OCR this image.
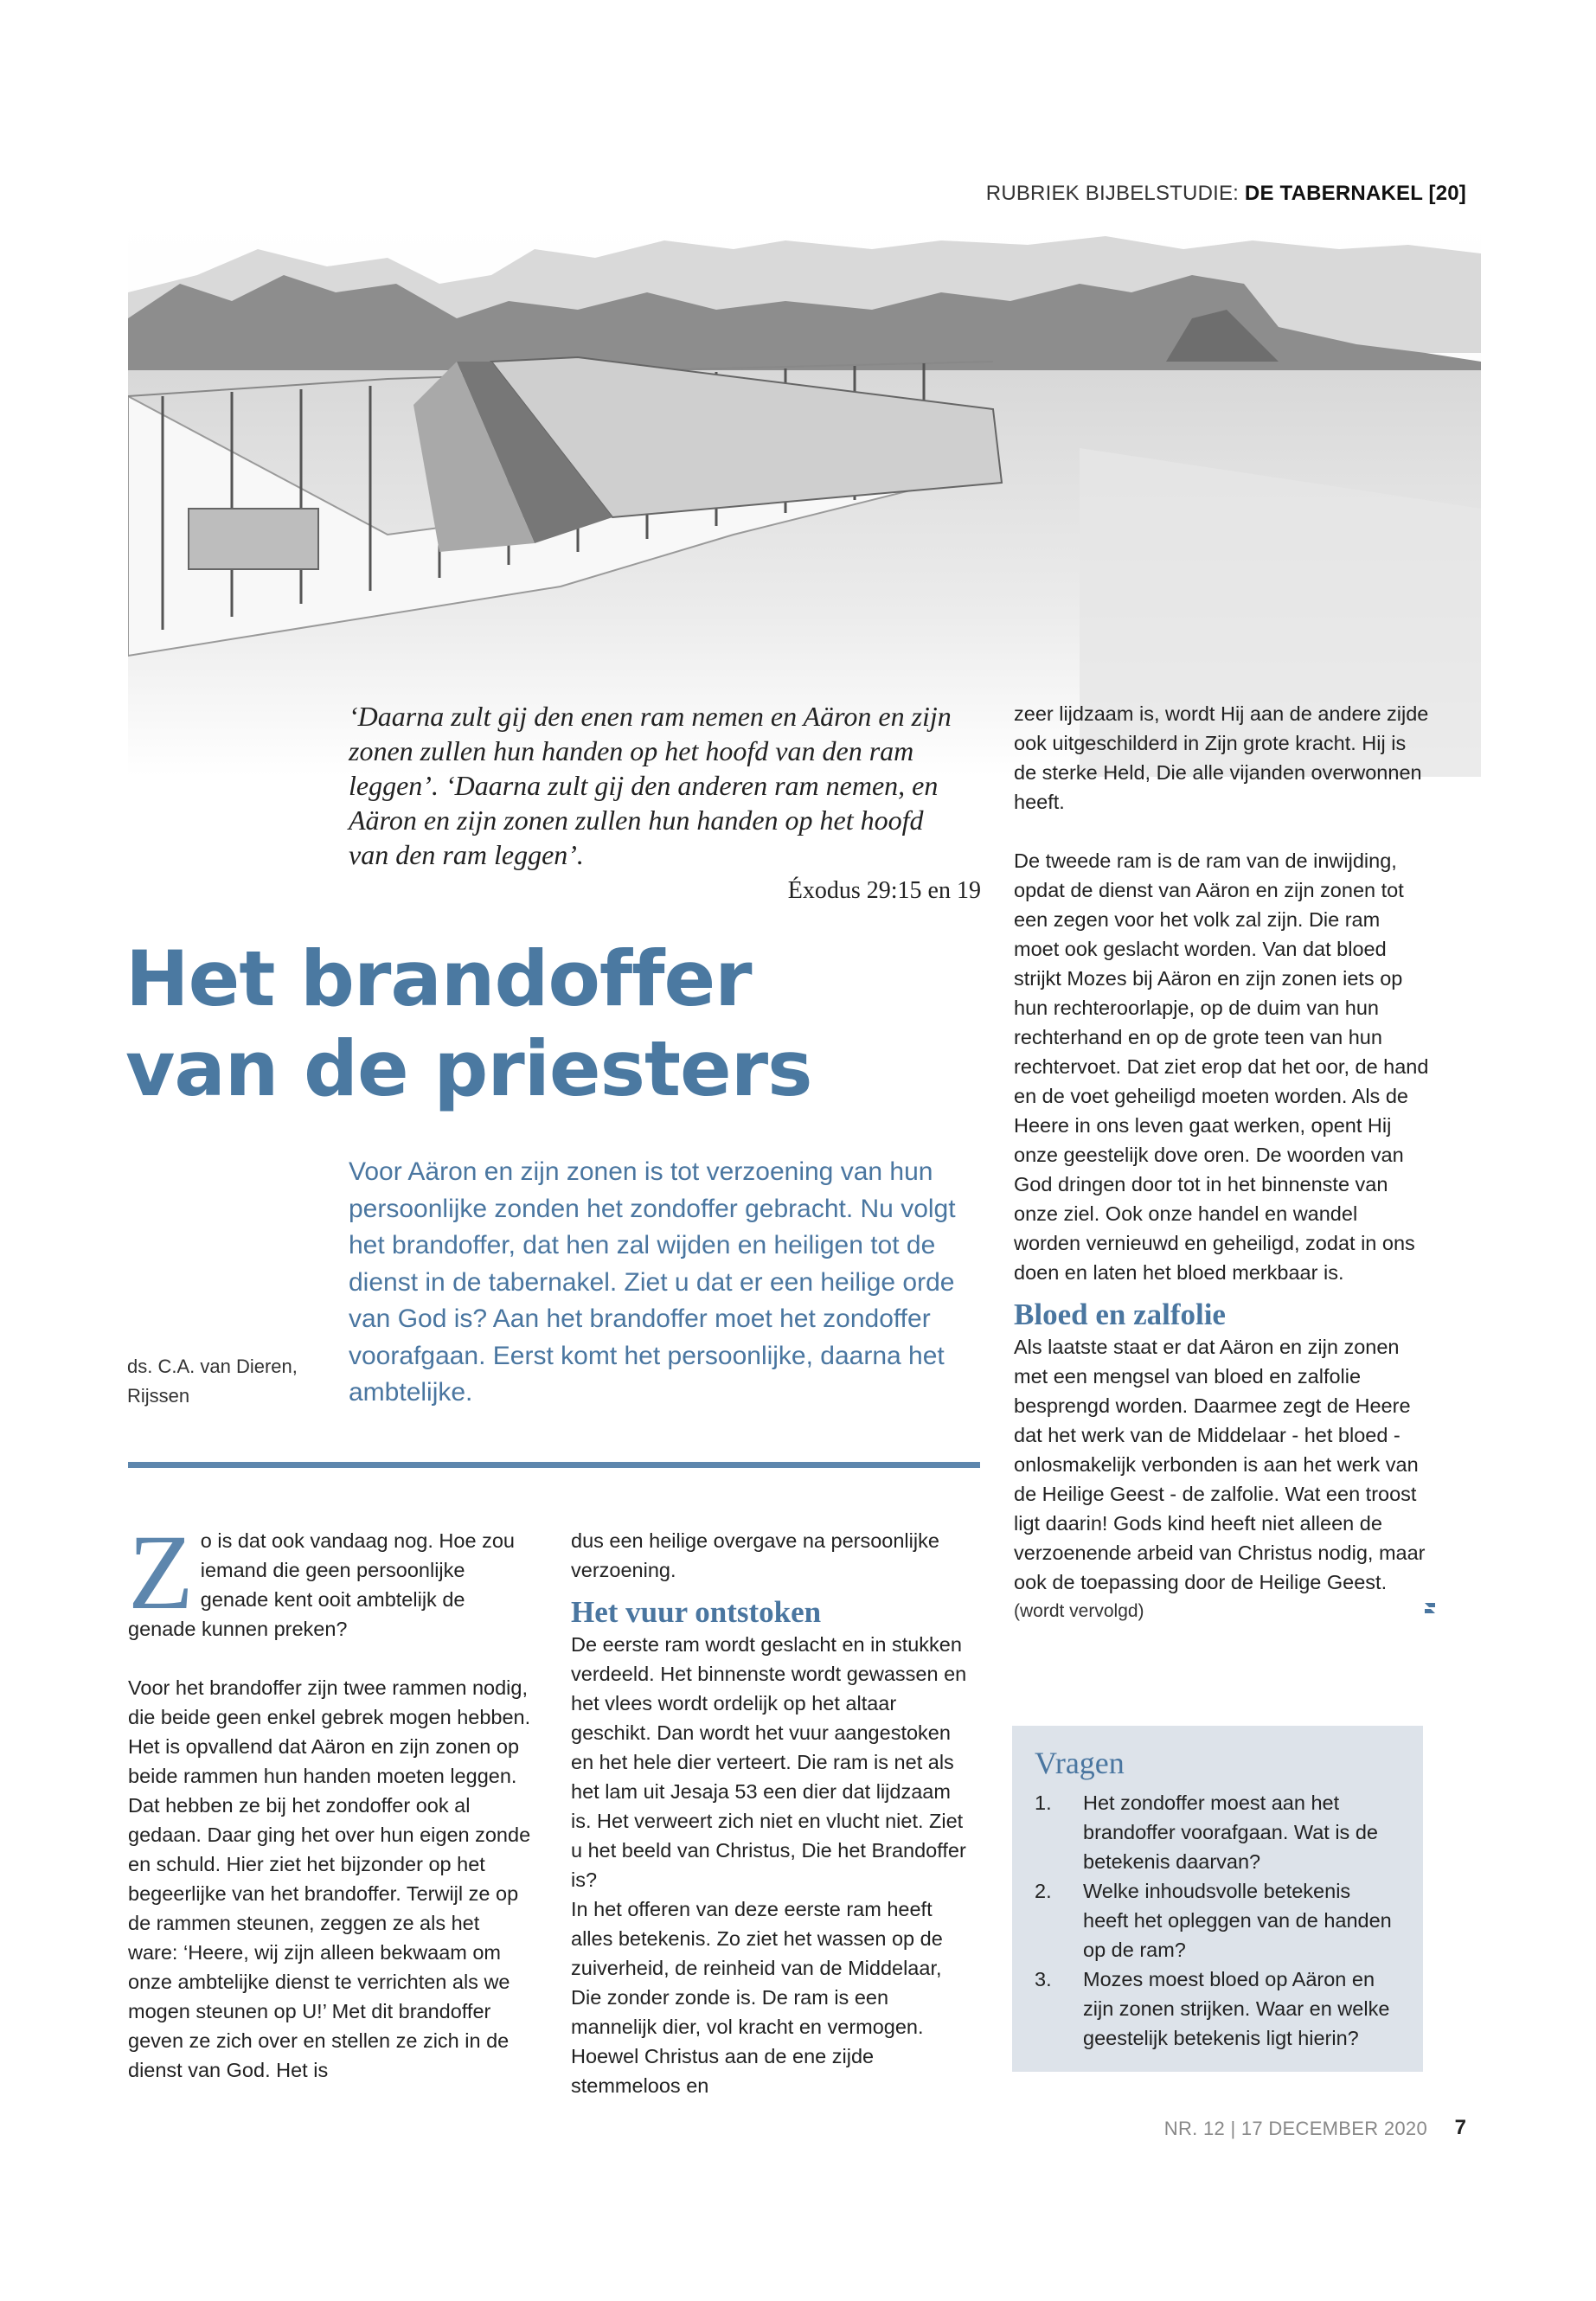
RUBRIEK BIJBELSTUDIE: DE TABERNAKEL [20]
‘Daarna zult gij den enen ram nemen en Aäron en zijn zonen zullen hun handen op het hoofd van den ram leggen’. ‘Daarna zult gij den anderen ram nemen, en Aäron en zijn zonen zullen hun handen op het hoofd van den ram leggen’.
Éxodus 29:15 en 19
Het brandoffer
van de priesters
Voor Aäron en zijn zonen is tot verzoening van hun persoonlijke zonden het zondoffer gebracht. Nu volgt het brandoffer, dat hen zal wijden en heiligen tot de dienst in de tabernakel. Ziet u dat er een heilige orde van God is? Aan het brandoffer moet het zondoffer voorafgaan. Eerst komt het persoonlijke, daarna het ambtelijke.
ds. C.A. van Dieren,
Rijssen

Zo is dat ook vandaag nog. Hoe zou iemand die geen persoonlijke genade kent ooit ambtelijk de genade kunnen preken?

Voor het brandoffer zijn twee rammen nodig, die beide geen enkel gebrek mogen hebben. Het is opvallend dat Aäron en zijn zonen op beide rammen hun handen moeten leggen. Dat hebben ze bij het zondoffer ook al gedaan. Daar ging het over hun eigen zonde en schuld. Hier ziet het bijzonder op het begeerlijke van het brandoffer. Terwijl ze op de rammen steunen, zeggen ze als het ware: ‘Heere, wij zijn alleen bekwaam om onze ambtelijke dienst te verrichten als we mogen steunen op U!’ Met dit brandoffer geven ze zich over en stellen ze zich in de dienst van God. Het is

dus een heilige overgave na persoonlijke verzoening.

Het vuur ontstoken

De eerste ram wordt geslacht en in stukken verdeeld. Het binnenste wordt gewassen en het vlees wordt ordelijk op het altaar geschikt. Dan wordt het vuur aangestoken en het hele dier verteert. Die ram is net als het lam uit Jesaja 53 een dier dat lijdzaam is. Het verweert zich niet en vlucht niet. Ziet u het beeld van Christus, Die het Brandoffer is?

In het offeren van deze eerste ram heeft alles betekenis. Zo ziet het wassen op de zuiverheid, de reinheid van de Middelaar, Die zonder zonde is. De ram is een mannelijk dier, vol kracht en vermogen. Hoewel Christus aan de ene zijde stemmeloos en

zeer lijdzaam is, wordt Hij aan de andere zijde ook uitgeschilderd in Zijn grote kracht. Hij is de sterke Held, Die alle vijanden overwonnen heeft.

De tweede ram is de ram van de inwijding, opdat de dienst van Aäron en zijn zonen tot een zegen voor het volk zal zijn. Die ram moet ook geslacht worden. Van dat bloed strijkt Mozes bij Aäron en zijn zonen iets op hun rechteroorlapje, op de duim van hun rechterhand en op de grote teen van hun rechtervoet. Dat ziet erop dat het oor, de hand en de voet geheiligd moeten worden. Als de Heere in ons leven gaat werken, opent Hij onze geestelijk dove oren. De woorden van God dringen door tot in het binnenste van onze ziel. Ook onze handel en wandel worden vernieuwd en geheiligd, zodat in ons doen en laten het bloed merkbaar is.

Bloed en zalfolie

Als laatste staat er dat Aäron en zijn zonen met een mengsel van bloed en zalfolie besprengd worden. Daarmee zegt de Heere dat het werk van de Middelaar - het bloed - onlosmakelijk verbonden is aan het werk van de Heilige Geest - de zalfolie. Wat een troost ligt daarin! Gods kind heeft niet alleen de verzoenende arbeid van Christus nodig, maar ook de toepassing door de Heilige Geest.

(wordt vervolgd)
Vragen
1. Het zondoffer moest aan het brandoffer voorafgaan. Wat is de betekenis daarvan?
2. Welke inhoudsvolle betekenis heeft het opleggen van de handen op de ram?
3. Mozes moest bloed op Aäron en zijn zonen strijken. Waar en welke geestelijk betekenis ligt hierin?
NR. 12 | 17 DECEMBER 2020 7
